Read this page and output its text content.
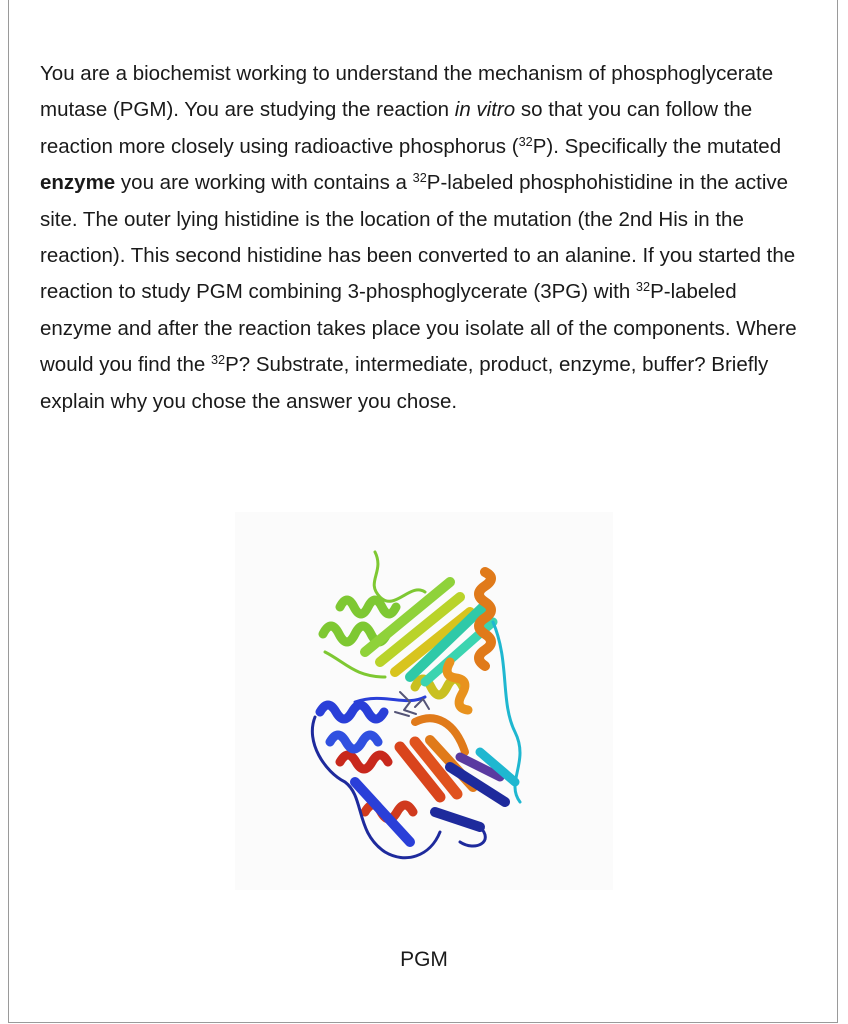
You are a biochemist working to understand the mechanism of phosphoglycerate mutase (PGM). You are studying the reaction in vitro so that you can follow the reaction more closely using radioactive phosphorus ($^{32}$P). Specifically the mutated enzyme you are working with contains a $^{32}$P-labeled phosphohistidine in the active site. The outer lying histidine is the location of the mutation (the 2nd His in the reaction). This second histidine has been converted to an alanine. If you started the reaction to study PGM combining 3-phosphoglycerate (3PG) with $^{32}$P-labeled enzyme and after the reaction takes place you isolate all of the components. Where would you find the $^{32}$P? Substrate, intermediate, product, enzyme, buffer? Briefly explain why you chose the answer you chose.

PGM
